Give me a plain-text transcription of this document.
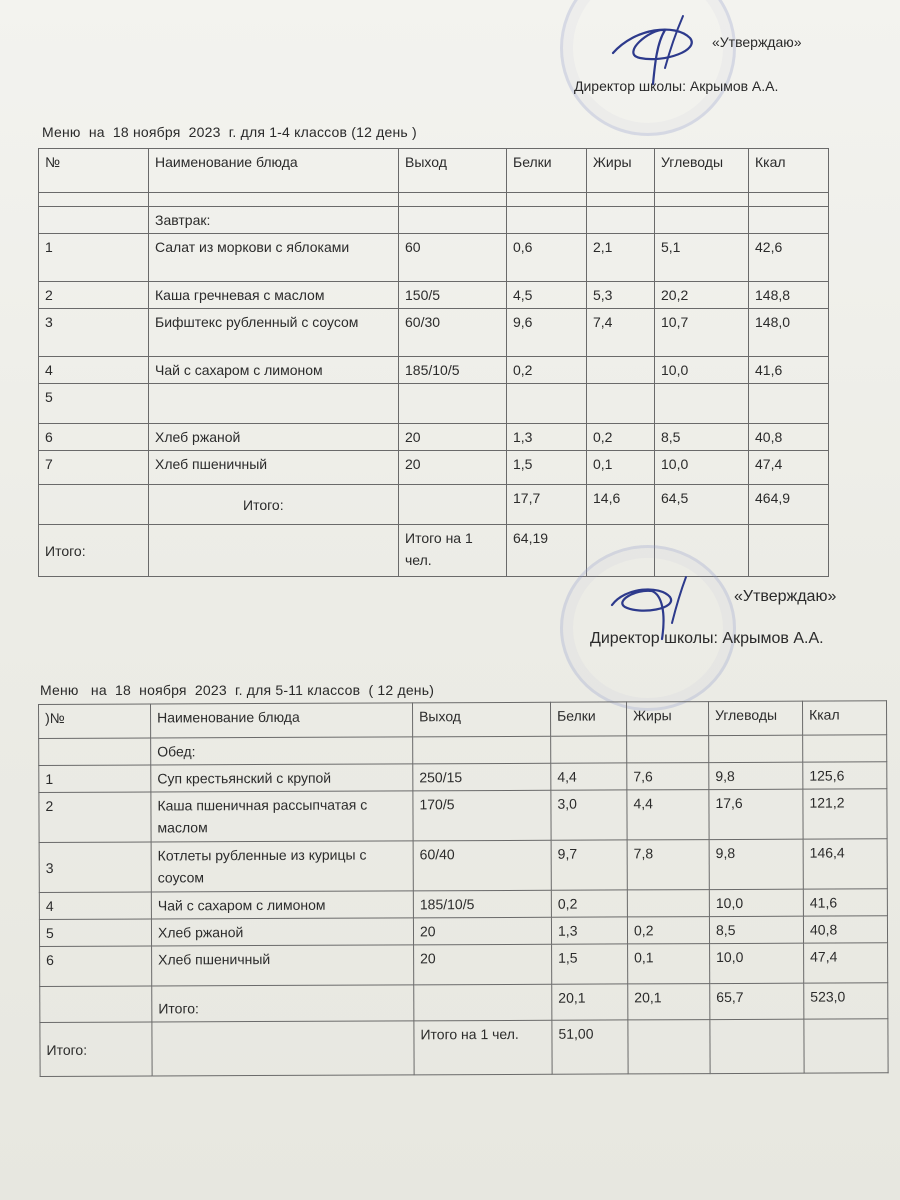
«Утверждаю»
Директор школы: Акрымов А.А.
Меню  на  18 ноября  2023  г. для 1-4 классов (12 день )
№	Наименование блюда	Выход	Белки	Жиры	Углеводы	Ккал

	Завтрак:					
1	Салат из моркови с яблоками	60	0,6	2,1	5,1	42,6
2	Каша гречневая с маслом	150/5	4,5	5,3	20,2	148,8
3	Бифштекс рубленный с соусом	60/30	9,6	7,4	10,7	148,0
4	Чай с сахаром с лимоном	185/10/5	0,2		10,0	41,6
5						
6	Хлеб ржаной	20	1,3	0,2	8,5	40,8
7	Хлеб пшеничный	20	1,5	0,1	10,0	47,4
	Итого:		17,7	14,6	64,5	464,9
Итого:		Итого на 1 чел.	64,19			
«Утверждаю»
Директор школы: Акрымов А.А.
Меню   на  18  ноября  2023  г. для 5-11 классов  ( 12 день)
)№	Наименование блюда	Выход	Белки	Жиры	Углеводы	Ккал
	Обед:					
1	Суп крестьянский с крупой	250/15	4,4	7,6	9,8	125,6
2	Каша пшеничная рассыпчатая с маслом	170/5	3,0	4,4	17,6	121,2
3	Котлеты рубленные из курицы с соусом	60/40	9,7	7,8	9,8	146,4
4	Чай с сахаром с лимоном	185/10/5	0,2		10,0	41,6
5	Хлеб ржаной	20	1,3	0,2	8,5	40,8
6	Хлеб пшеничный	20	1,5	0,1	10,0	47,4
	Итого:		20,1	20,1	65,7	523,0
Итого:		Итого на 1 чел.	51,00			
